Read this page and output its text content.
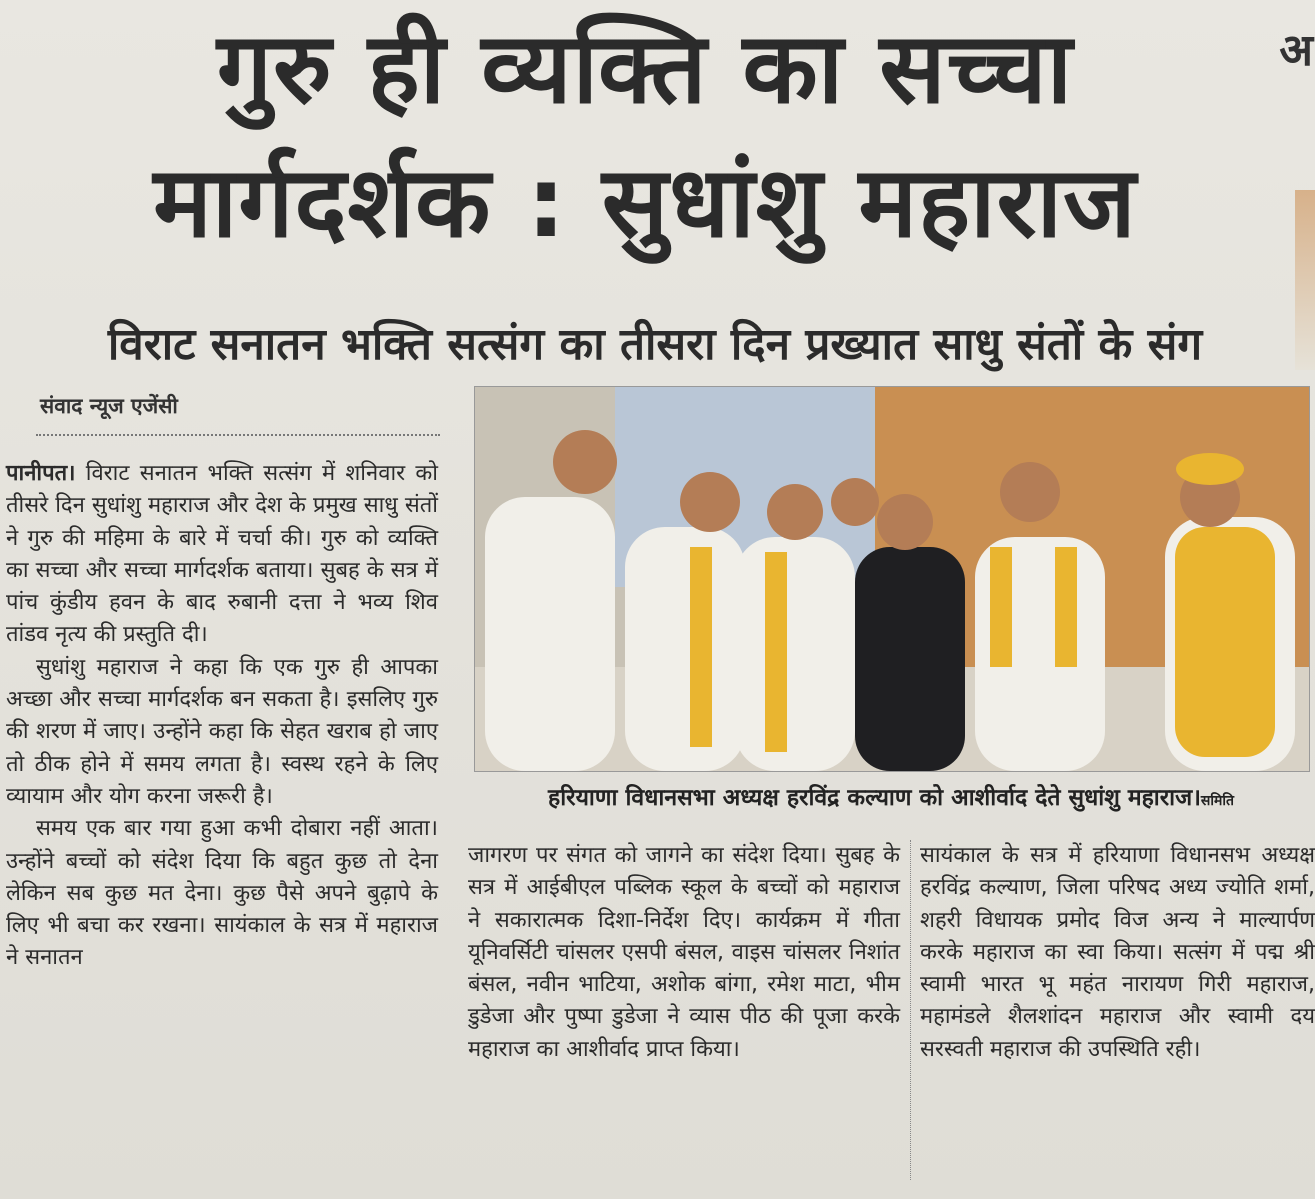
गुरु ही व्यक्ति का सच्चा
मार्गदर्शक : सुधांशु महाराज
अ
विराट सनातन भक्ति सत्संग का तीसरा दिन प्रख्यात साधु संतों के संग
संवाद न्यूज एजेंसी

पानीपत। विराट सनातन भक्ति सत्संग में शनिवार को तीसरे दिन सुधांशु महाराज और देश के प्रमुख साधु संतों ने गुरु की महिमा के बारे में चर्चा की। गुरु को व्यक्ति का सच्चा और सच्चा मार्गदर्शक बताया। सुबह के सत्र में पांच कुंडीय हवन के बाद रुबानी दत्ता ने भव्य शिव तांडव नृत्य की प्रस्तुति दी।

सुधांशु महाराज ने कहा कि एक गुरु ही आपका अच्छा और सच्चा मार्गदर्शक बन सकता है। इसलिए गुरु की शरण में जाए। उन्होंने कहा कि सेहत खराब हो जाए तो ठीक होने में समय लगता है। स्वस्थ रहने के लिए व्यायाम और योग करना जरूरी है।

समय एक बार गया हुआ कभी दोबारा नहीं आता। उन्होंने बच्चों को संदेश दिया कि बहुत कुछ तो देना लेकिन सब कुछ मत देना। कुछ पैसे अपने बुढ़ापे के लिए भी बचा कर रखना। सायंकाल के सत्र में महाराज ने सनातन

हरियाणा विधानसभा अध्यक्ष हरविंद्र कल्याण को आशीर्वाद देते सुधांशु महाराज।समिति

जागरण पर संगत को जागने का संदेश दिया। सुबह के सत्र में आईबीएल पब्लिक स्कूल के बच्चों को महाराज ने सकारात्मक दिशा-निर्देश दिए। कार्यक्रम में गीता यूनिवर्सिटी चांसलर एसपी बंसल, वाइस चांसलर निशांत बंसल, नवीन भाटिया, अशोक बांगा, रमेश माटा, भीम डुडेजा और पुष्पा डुडेजा ने व्यास पीठ की पूजा करके महाराज का आशीर्वाद प्राप्त किया।

सायंकाल के सत्र में हरियाणा विधानसभ अध्यक्ष हरविंद्र कल्याण, जिला परिषद अध्य ज्योति शर्मा, शहरी विधायक प्रमोद विज अन्य ने माल्यार्पण करके महाराज का स्वा किया। सत्संग में पद्म श्री स्वामी भारत भू महंत नारायण गिरी महाराज, महामंडले शैलशांदन महाराज और स्वामी दय सरस्वती महाराज की उपस्थिति रही।
